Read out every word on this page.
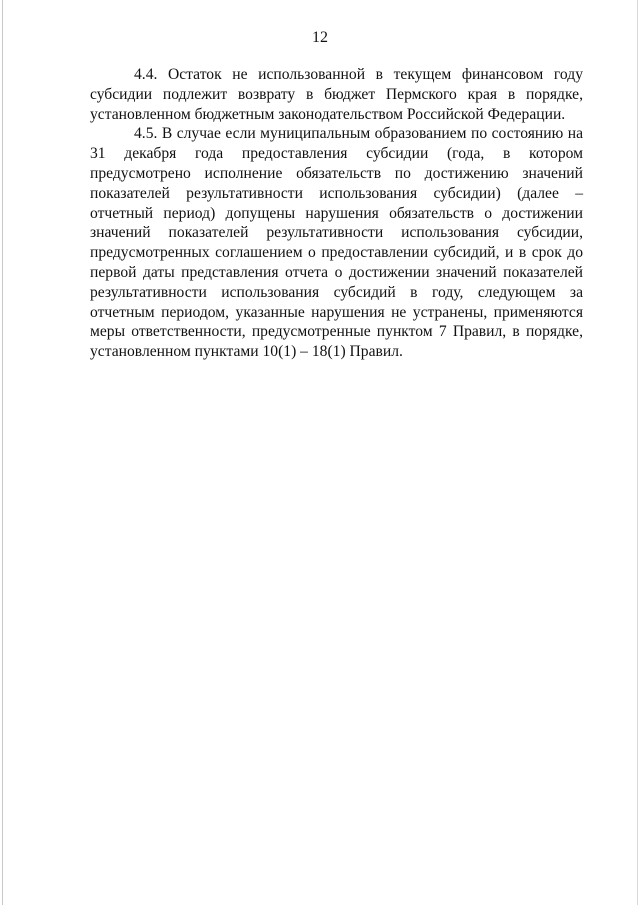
12

4.4. Остаток не использованной в текущем финансовом году субсидии подлежит возврату в бюджет Пермского края в порядке, установленном бюджетным законодательством Российской Федерации.

4.5. В случае если муниципальным образованием по состоянию на 31 декабря года предоставления субсидии (года, в котором предусмотрено исполнение обязательств по достижению значений показателей результативности использования субсидии) (далее – отчетный период) допущены нарушения обязательств о достижении значений показателей результативности использования субсидии, предусмотренных соглашением о предоставлении субсидий, и в срок до первой даты представления отчета о достижении значений показателей результативности использования субсидий в году, следующем за отчетным периодом, указанные нарушения не устранены, применяются меры ответственности, предусмотренные пунктом 7 Правил, в порядке, установленном пунктами 10(1) – 18(1) Правил.
